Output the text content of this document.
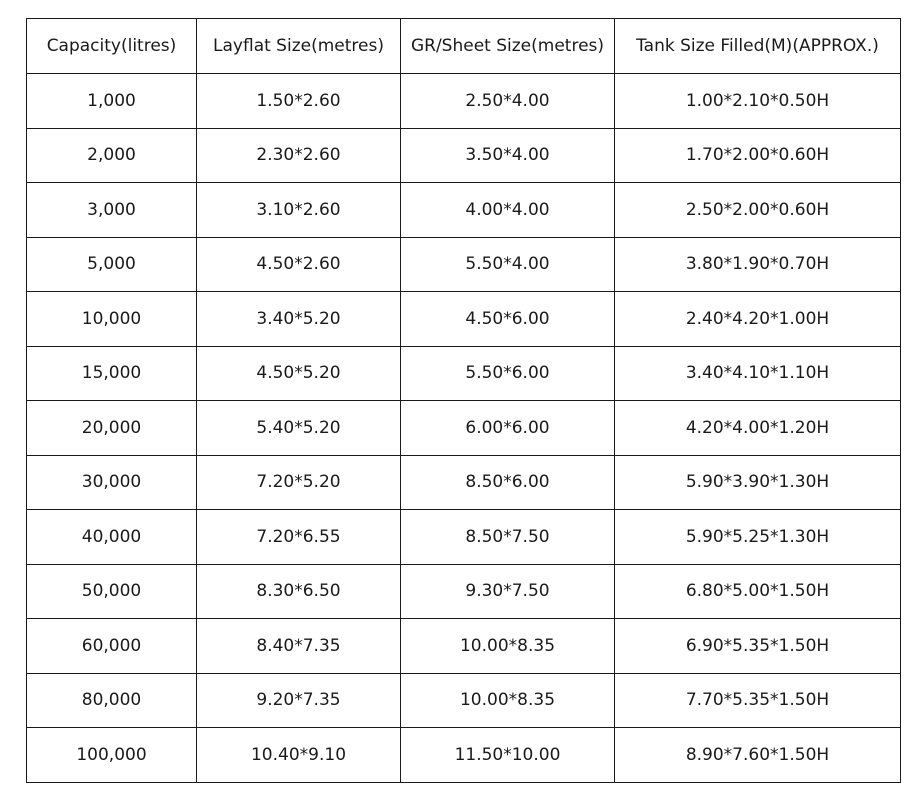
Capacity(litres)	Layflat Size(metres)	GR/Sheet Size(metres)	Tank Size Filled(M)(APPROX.)
1,000	1.50*2.60	2.50*4.00	1.00*2.10*0.50H
2,000	2.30*2.60	3.50*4.00	1.70*2.00*0.60H
3,000	3.10*2.60	4.00*4.00	2.50*2.00*0.60H
5,000	4.50*2.60	5.50*4.00	3.80*1.90*0.70H
10,000	3.40*5.20	4.50*6.00	2.40*4.20*1.00H
15,000	4.50*5.20	5.50*6.00	3.40*4.10*1.10H
20,000	5.40*5.20	6.00*6.00	4.20*4.00*1.20H
30,000	7.20*5.20	8.50*6.00	5.90*3.90*1.30H
40,000	7.20*6.55	8.50*7.50	5.90*5.25*1.30H
50,000	8.30*6.50	9.30*7.50	6.80*5.00*1.50H
60,000	8.40*7.35	10.00*8.35	6.90*5.35*1.50H
80,000	9.20*7.35	10.00*8.35	7.70*5.35*1.50H
100,000	10.40*9.10	11.50*10.00	8.90*7.60*1.50H
